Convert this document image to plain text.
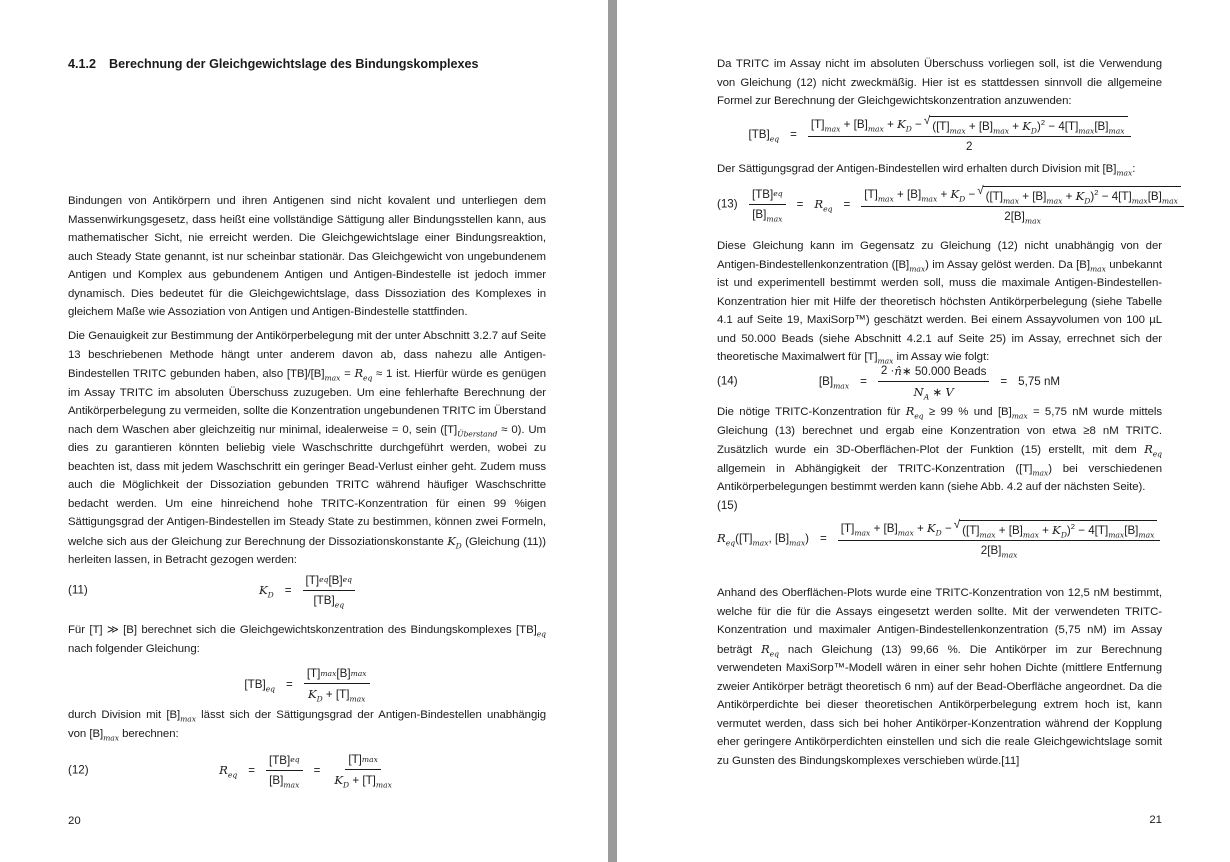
4.1.2 Berechnung der Gleichgewichtslage des Bindungskomplexes
Bindungen von Antikörpern und ihren Antigenen sind nicht kovalent und unterliegen dem Massenwirkungsgesetz, dass heißt eine vollständige Sättigung aller Bindungsstellen kann, aus mathematischer Sicht, nie erreicht werden. Die Gleichgewichtslage einer Bindungsreaktion, auch Steady State genannt, ist nur scheinbar stationär. Das Gleichgewicht von ungebundenem Antigen und Komplex aus gebundenem Antigen und Antigen-Bindestelle ist jedoch immer dynamisch. Dies bedeutet für die Gleichgewichtslage, dass Dissoziation des Komplexes in gleichem Maße wie Assoziation von Antigen und Antigen-Bindestelle stattfinden.
Die Genauigkeit zur Bestimmung der Antikörperbelegung mit der unter Abschnitt 3.2.7 auf Seite 13 beschriebenen Methode hängt unter anderem davon ab, dass nahezu alle Antigen-Bindestellen TRITC gebunden haben, also $[TB]/[B]_{max} = R_{eq} \approx 1$ ist. Hierfür würde es genügen im Assay TRITC im absoluten Überschuss zuzugeben. Um eine fehlerhafte Berechnung der Antikörperbelegung zu vermeiden, sollte die Konzentration ungebundenen TRITC im Überstand nach dem Waschen aber gleichzeitig nur minimal, idealerweise = 0, sein $([T]_{Überstand} \approx 0)$. Um dies zu garantieren könnten beliebig viele Waschschritte durchgeführt werden, wobei zu beachten ist, dass mit jedem Waschschritt ein geringer Bead-Verlust einher geht. Zudem muss auch die Möglichkeit der Dissoziation gebunden TRITC während häufiger Waschschritte bedacht werden. Um eine hinreichend hohe TRITC-Konzentration für einen 99 %igen Sättigungsgrad der Antigen-Bindestellen im Steady State zu bestimmen, können zwei Formeln, welche sich aus der Gleichung zur Berechnung der Dissoziationskonstante $K_D$ (Gleichung (11)) herleiten lassen, in Betracht gezogen werden:
(11)	$K_D = \frac{[T] eq [B] eq}{[TB]_{eq}}$
Für [T] ≫ [B] berechnet sich die Gleichgewichtskonzentration des Bindungskomplexes $[TB]_{eq}$ nach folgender Gleichung:
$[TB]_{eq} = \frac{[T] \max [B] \max}{K_D + [T]_{max}}$
durch Division mit $[B]_{max}$ lässt sich der Sättigungsgrad der Antigen-Bindestellen unabhängig von $[B]_{max}$ berechnen:
(12)	$R_{eq} = \frac{[TB] eq}{[B]_{max}} = \frac{[T] \max}{K_D + [T]_{max}}$
20
Da TRITC im Assay nicht im absoluten Überschuss vorliegen soll, ist die Verwendung von Gleichung (12) nicht zweckmäßig. Hier ist es stattdessen sinnvoll die allgemeine Formel zur Berechnung der Gleichgewichtskonzentration anzuwenden:
$[TB]_{eq}$ =
$[T]_{max} + [B]_{max} + K_D$ − √ $([T]_{max} + [B]_{max} + K_D)^2 - 4[T]_{max}[B]_{max}$
2
Der Sättigungsgrad der Antigen-Bindestellen wird erhalten durch Division mit $[B]_{max}$:
$(13) \frac{[TB] eq}{[B]_{max}} = R_{eq}$ =
$[T]_{max} + [B]_{max} + K_D$ − √ $([T]_{max} + [B]_{max} + K_D)^2 - 4[T]_{max}[B]_{max}$
$2[B]_{max}$
Diese Gleichung kann im Gegensatz zu Gleichung (12) nicht unabhängig von der Antigen-Bindestellenkonzentration $([B]_{max})$ im Assay gelöst werden. Da $[B]_{max}$ unbekannt ist und experimentell bestimmt werden soll, muss die maximale Antigen-Bindestellen-Konzentration hier mit Hilfe der theoretisch höchsten Antikörperbelegung (siehe Tabelle 4.1 auf Seite 19, MaxiSorp™) geschätzt werden. Bei einem Assayvolumen von 100 µL und 50.000 Beads (siehe Abschnitt 4.2.1 auf Seite 25) im Assay, errechnet sich der theoretische Maximalwert für $[T]_{max}$ im Assay wie folgt:
(14)	$[B]_{max} = \frac{\text{2 · n̂ ∗ 50.000 Beads}}{N_A ∗ V} = 5,75$ nM
Die nötige TRITC-Konzentration für $R_{eq} \ge 99$ % und $[B]_{max} = 5,75$ nM wurde mittels Gleichung (13) berechnet und ergab eine Konzentration von etwa ≥8 nM TRITC. Zusätzlich wurde ein 3D-Oberflächen-Plot der Funktion (15) erstellt, mit dem $R_{eq}$ allgemein in Abhängigkeit der TRITC-Konzentration $([T]_{max})$ bei verschiedenen Antikörperbelegungen bestimmt werden kann (siehe Abb. 4.2 auf der nächsten Seite).
(15)
$R_{eq}([T]_{max}$, $[B]_{max}$) =
$[T]_{max} + [B]_{max} + K_D$ − √ $([T]_{max} + [B]_{max} + K_D)^2 - 4[T]_{max}[B]_{max}$
$2[B]_{max}$
Anhand des Oberflächen-Plots wurde eine TRITC-Konzentration von 12,5 nM bestimmt, welche für die für die Assays eingesetzt werden sollte. Mit der verwendeten TRITC-Konzentration und maximaler Antigen-Bindestellenkonzentration (5,75 nM) im Assay beträgt $R_{eq}$ nach Gleichung (13) 99,66 %. Die Antikörper im zur Berechnung verwendeten MaxiSorp™-Modell wären in einer sehr hohen Dichte (mittlere Entfernung zweier Antikörper beträgt theoretisch 6 nm) auf der Bead-Oberfläche angeordnet. Da die Antikörperdichte bei dieser theoretischen Antikörperbelegung extrem hoch ist, kann vermutet werden, dass sich bei hoher Antikörper-Konzentration während der Kopplung eher geringere Antikörperdichten einstellen und sich die reale Gleichgewichtslage somit zu Gunsten des Bindungskomplexes verschieben würde.[11]
21
